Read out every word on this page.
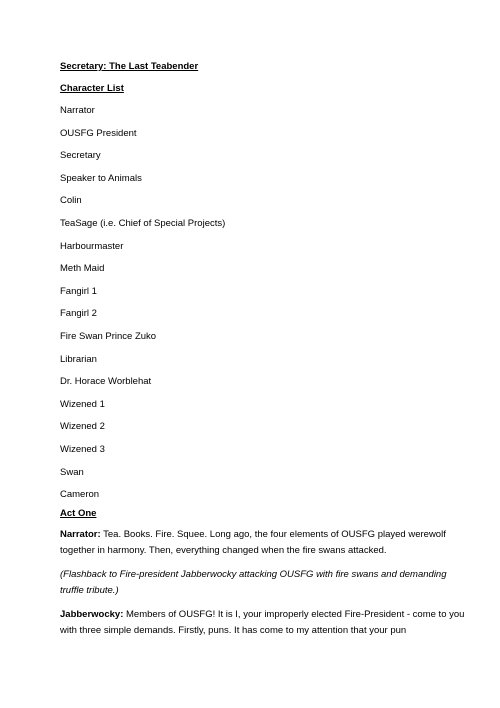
Secretary: The Last Teabender

Character List

Narrator
OUSFG President
Secretary
Speaker to Animals
Colin
TeaSage (i.e. Chief of Special Projects)
Harbourmaster
Meth Maid
Fangirl 1
Fangirl 2
Fire Swan Prince Zuko
Librarian
Dr. Horace Worblehat
Wizened 1
Wizened 2
Wizened 3
Swan
Cameron

Act One

Narrator: Tea. Books. Fire. Squee. Long ago, the four elements of OUSFG played werewolf together in harmony. Then, everything changed when the fire swans attacked.

(Flashback to Fire-president Jabberwocky attacking OUSFG with fire swans and demanding truffle tribute.)

Jabberwocky: Members of OUSFG! It is I, your improperly elected Fire-President - come to you with three simple demands. Firstly, puns. It has come to my attention that your pun
